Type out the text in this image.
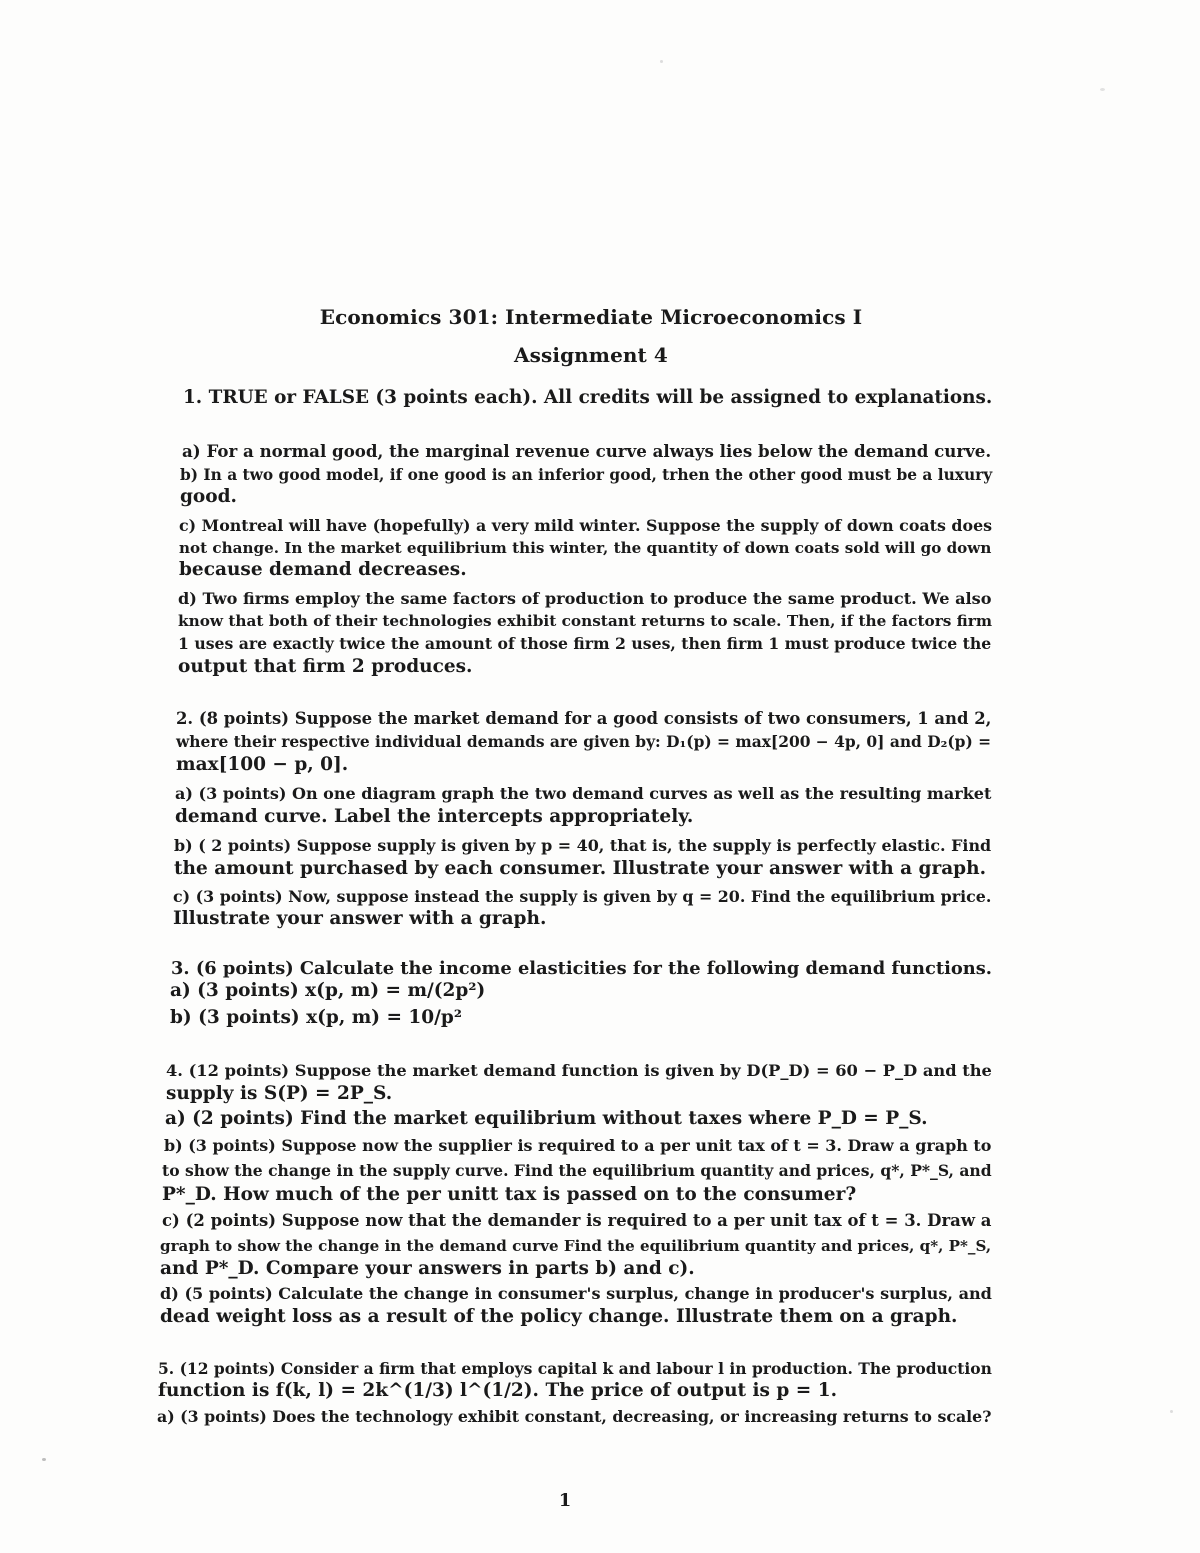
Economics 301: Intermediate Microeconomics I
Assignment 4
1. TRUE or FALSE (3 points each). All credits will be assigned to explanations.
a) For a normal good, the marginal revenue curve always lies below the demand curve.
b) In a two good model, if one good is an inferior good, trhen the other good must be a luxury
good.
c) Montreal will have (hopefully) a very mild winter. Suppose the supply of down coats does
not change. In the market equilibrium this winter, the quantity of down coats sold will go down
because demand decreases.
d) Two firms employ the same factors of production to produce the same product. We also
know that both of their technologies exhibit constant returns to scale. Then, if the factors firm
1 uses are exactly twice the amount of those firm 2 uses, then firm 1 must produce twice the
output that firm 2 produces.
2. (8 points) Suppose the market demand for a good consists of two consumers, 1 and 2,
where their respective individual demands are given by: D₁(p) = max[200 − 4p, 0] and D₂(p) =
max[100 − p, 0].
a) (3 points) On one diagram graph the two demand curves as well as the resulting market
demand curve. Label the intercepts appropriately.
b) ( 2 points) Suppose supply is given by p = 40, that is, the supply is perfectly elastic. Find
the amount purchased by each consumer. Illustrate your answer with a graph.
c) (3 points) Now, suppose instead the supply is given by q = 20. Find the equilibrium price.
Illustrate your answer with a graph.
3. (6 points) Calculate the income elasticities for the following demand functions.
a) (3 points) x(p, m) = m/(2p²)
b) (3 points) x(p, m) = 10/p²
4. (12 points) Suppose the market demand function is given by D(P_D) = 60 − P_D and the
supply is S(P) = 2P_S.
a) (2 points) Find the market equilibrium without taxes where P_D = P_S.
b) (3 points) Suppose now the supplier is required to a per unit tax of t = 3. Draw a graph to
to show the change in the supply curve. Find the equilibrium quantity and prices, q*, P*_S, and
P*_D. How much of the per unitt tax is passed on to the consumer?
c) (2 points) Suppose now that the demander is required to a per unit tax of t = 3. Draw a
graph to show the change in the demand curve Find the equilibrium quantity and prices, q*, P*_S,
and P*_D. Compare your answers in parts b) and c).
d) (5 points) Calculate the change in consumer's surplus, change in producer's surplus, and
dead weight loss as a result of the policy change. Illustrate them on a graph.
5. (12 points) Consider a firm that employs capital k and labour l in production. The production
function is f(k, l) = 2k^(1/3) l^(1/2). The price of output is p = 1.
a) (3 points) Does the technology exhibit constant, decreasing, or increasing returns to scale?
1
